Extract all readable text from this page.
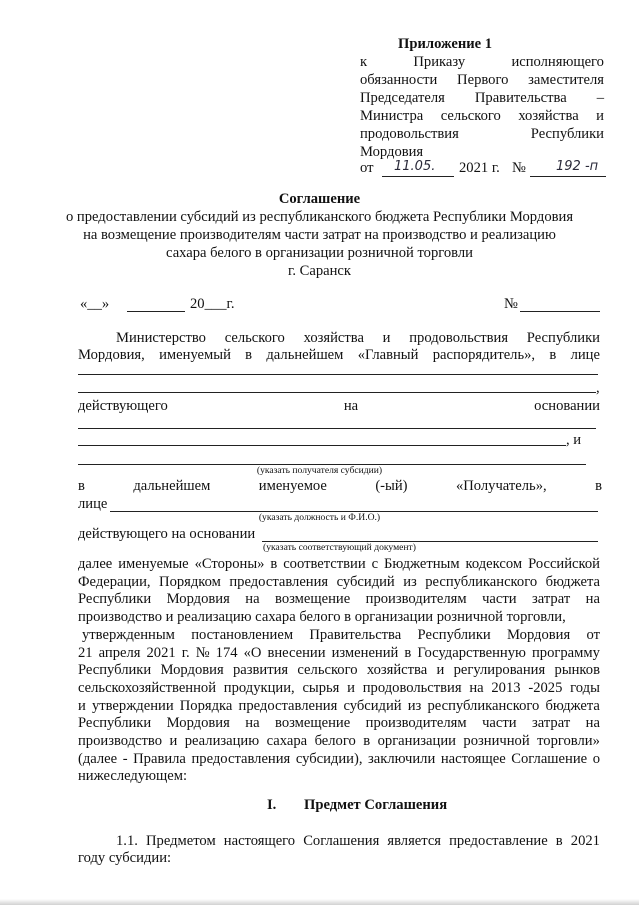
Приложение 1
к	Приказу	исполняющего
обязанности Первого заместителя
Председателя Правительства –
Министра сельского хозяйства и
продовольствия	Республики
Мордовия
от 11.05. 2021 г. № 192 -п
Соглашение
о предоставлении субсидий из республиканского бюджета Республики Мордовия
на возмещение производителям части затрат на производство и реализацию
сахара белого в организации розничной торговли
г. Саранск
«__»	20___г.	№
Министерство сельского хозяйства и продовольствия Республики
Мордовия, именуемый в дальнейшем «Главный распорядитель», в лице
,
действующего	на	основании
, и
(указать получателя субсидии)
в	дальнейшем	именуемое	(-ый)	«Получатель»,	в
лице
(указать должность и Ф.И.О.)
действующего на основании
(указать соответствующий документ)
далее именуемые «Стороны» в соответствии с Бюджетным кодексом Российской
Федерации, Порядком предоставления субсидий из республиканского бюджета
Республики Мордовия на возмещение производителям части затрат на
производство и реализацию сахара белого в организации розничной торговли,
утвержденным постановлением Правительства Республики Мордовия от
21 апреля 2021 г. № 174 «О внесении изменений в Государственную программу
Республики Мордовия развития сельского хозяйства и регулирования рынков
сельскохозяйственной продукции, сырья и продовольствия на 2013 -2025 годы
и утверждении Порядка предоставления субсидий из республиканского бюджета
Республики Мордовия на возмещение производителям части затрат на
производство и реализацию сахара белого в организации розничной торговли»
(далее - Правила предоставления субсидии), заключили настоящее Соглашение о
нижеследующем:
I. Предмет Соглашения
1.1. Предметом настоящего Соглашения является предоставление в 2021
году субсидии:
